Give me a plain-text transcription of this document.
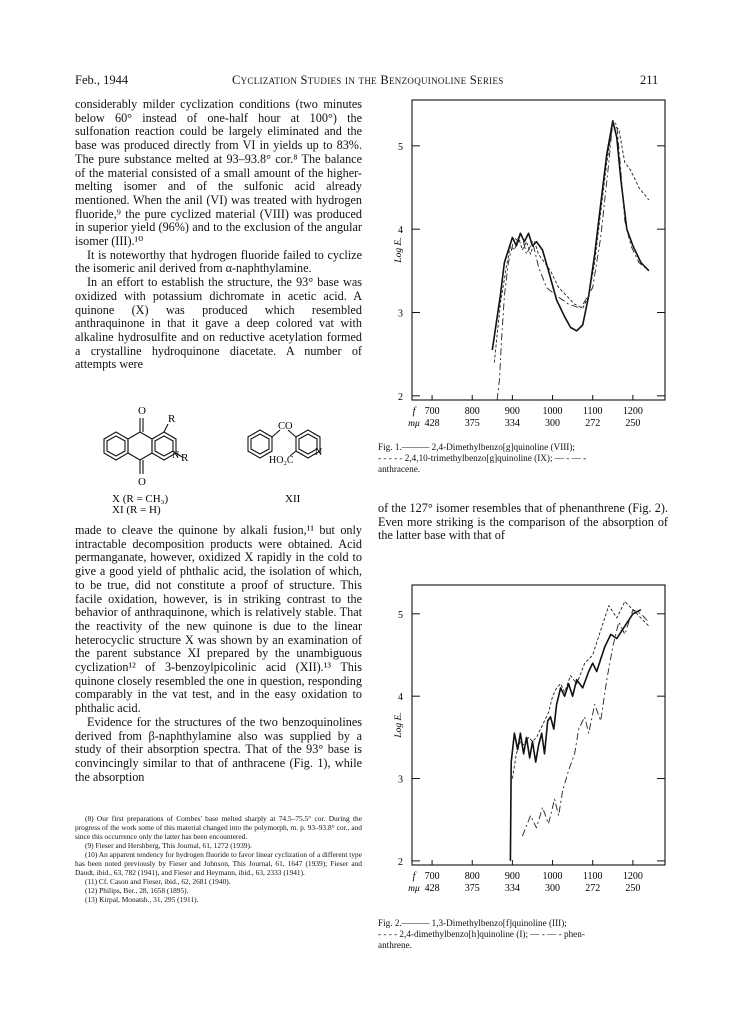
Feb., 1944	Cyclization Studies in the Benzoquinoline Series	211

considerably milder cyclization conditions (two minutes below 60° instead of one-half hour at 100°) the sulfonation reaction could be largely eliminated and the base was produced directly from VI in yields up to 83%. The pure substance melted at 93–93.8° cor.⁸ The balance of the material consisted of a small amount of the higher-melting isomer and of the sulfonic acid already mentioned. When the anil (VI) was treated with hydrogen fluoride,⁹ the pure cyclized material (VIII) was produced in superior yield (96%) and to the exclusion of the angular isomer (III).¹⁰

It is noteworthy that hydrogen fluoride failed to cyclize the isomeric anil derived from α-naphthylamine.

In an effort to establish the structure, the 93° base was oxidized with potassium dichromate in acetic acid. A quinone (X) was produced which resembled anthraquinone in that it gave a deep colored vat with alkaline hydrosulfite and on reductive acetylation formed a crystalline hydroquinone diacetate. A number of attempts were

O
R
N R
O
X (R = CH₃)
XI (R = H)
CO
HO₂C
N
XII

made to cleave the quinone by alkali fusion,¹¹ but only intractable decomposition products were obtained. Acid permanganate, however, oxidized X rapidly in the cold to give a good yield of phthalic acid, the isolation of which, to be true, did not constitute a proof of structure. This facile oxidation, however, is in striking contrast to the behavior of anthraquinone, which is relatively stable. That the reactivity of the new quinone is due to the linear heterocyclic structure X was shown by an examination of the parent substance XI prepared by the unambiguous cyclization¹² of 3-benzoylpicolinic acid (XII).¹³ This quinone closely resembled the one in question, responding comparably in the vat test, and in the easy oxidation to phthalic acid.

Evidence for the structures of the two benzoquinolines derived from β-naphthylamine also was supplied by a study of their absorption spectra. That of the 93° base is convincingly similar to that of anthracene (Fig. 1), while the absorption

(8) Our first preparations of Combes' base melted sharply at 74.5–75.5° cor. During the progress of the work some of this material changed into the polymorph, m. p. 93–93.8° cor., and since this occurrence only the latter has been encountered.

(9) Fieser and Hershberg, This Journal, 61, 1272 (1939).

(10) An apparent tendency for hydrogen fluoride to favor linear cyclization of a different type has been noted previously by Fieser and Johnson, This Journal, 61, 1647 (1939); Fieser and Daudt, ibid., 63, 782 (1941), and Fieser and Heymann, ibid., 63, 2333 (1941).

(11) Cf. Cason and Fieser, ibid., 62, 2681 (1940).

(12) Philips, Ber., 28, 1658 (1895).

(13) Kirpal, Monatsh., 31, 295 (1911).

2
3
4
5
Log E.
700
428
800
375
900
334
1000
300
1100
272
1200
250
f
mμ
Fig. 1.——— 2,4-Dimethylbenzo[g]quinoline (VIII);
- - - - - 2,4,10-trimethylbenzo[g]quinoline (IX); — - — -
anthracene.

of the 127° isomer resembles that of phenanthrene (Fig. 2). Even more striking is the comparison of the absorption of the latter base with that of

2
3
4
5
Log E.
700
428
800
375
900
334
1000
300
1100
272
1200
250
f
mμ
Fig. 2.——— 1,3-Dimethylbenzo[f]quinoline (III);
- - - - 2,4-dimethylbenzo[h]quinoline (I); — - — - phen-
anthrene.
